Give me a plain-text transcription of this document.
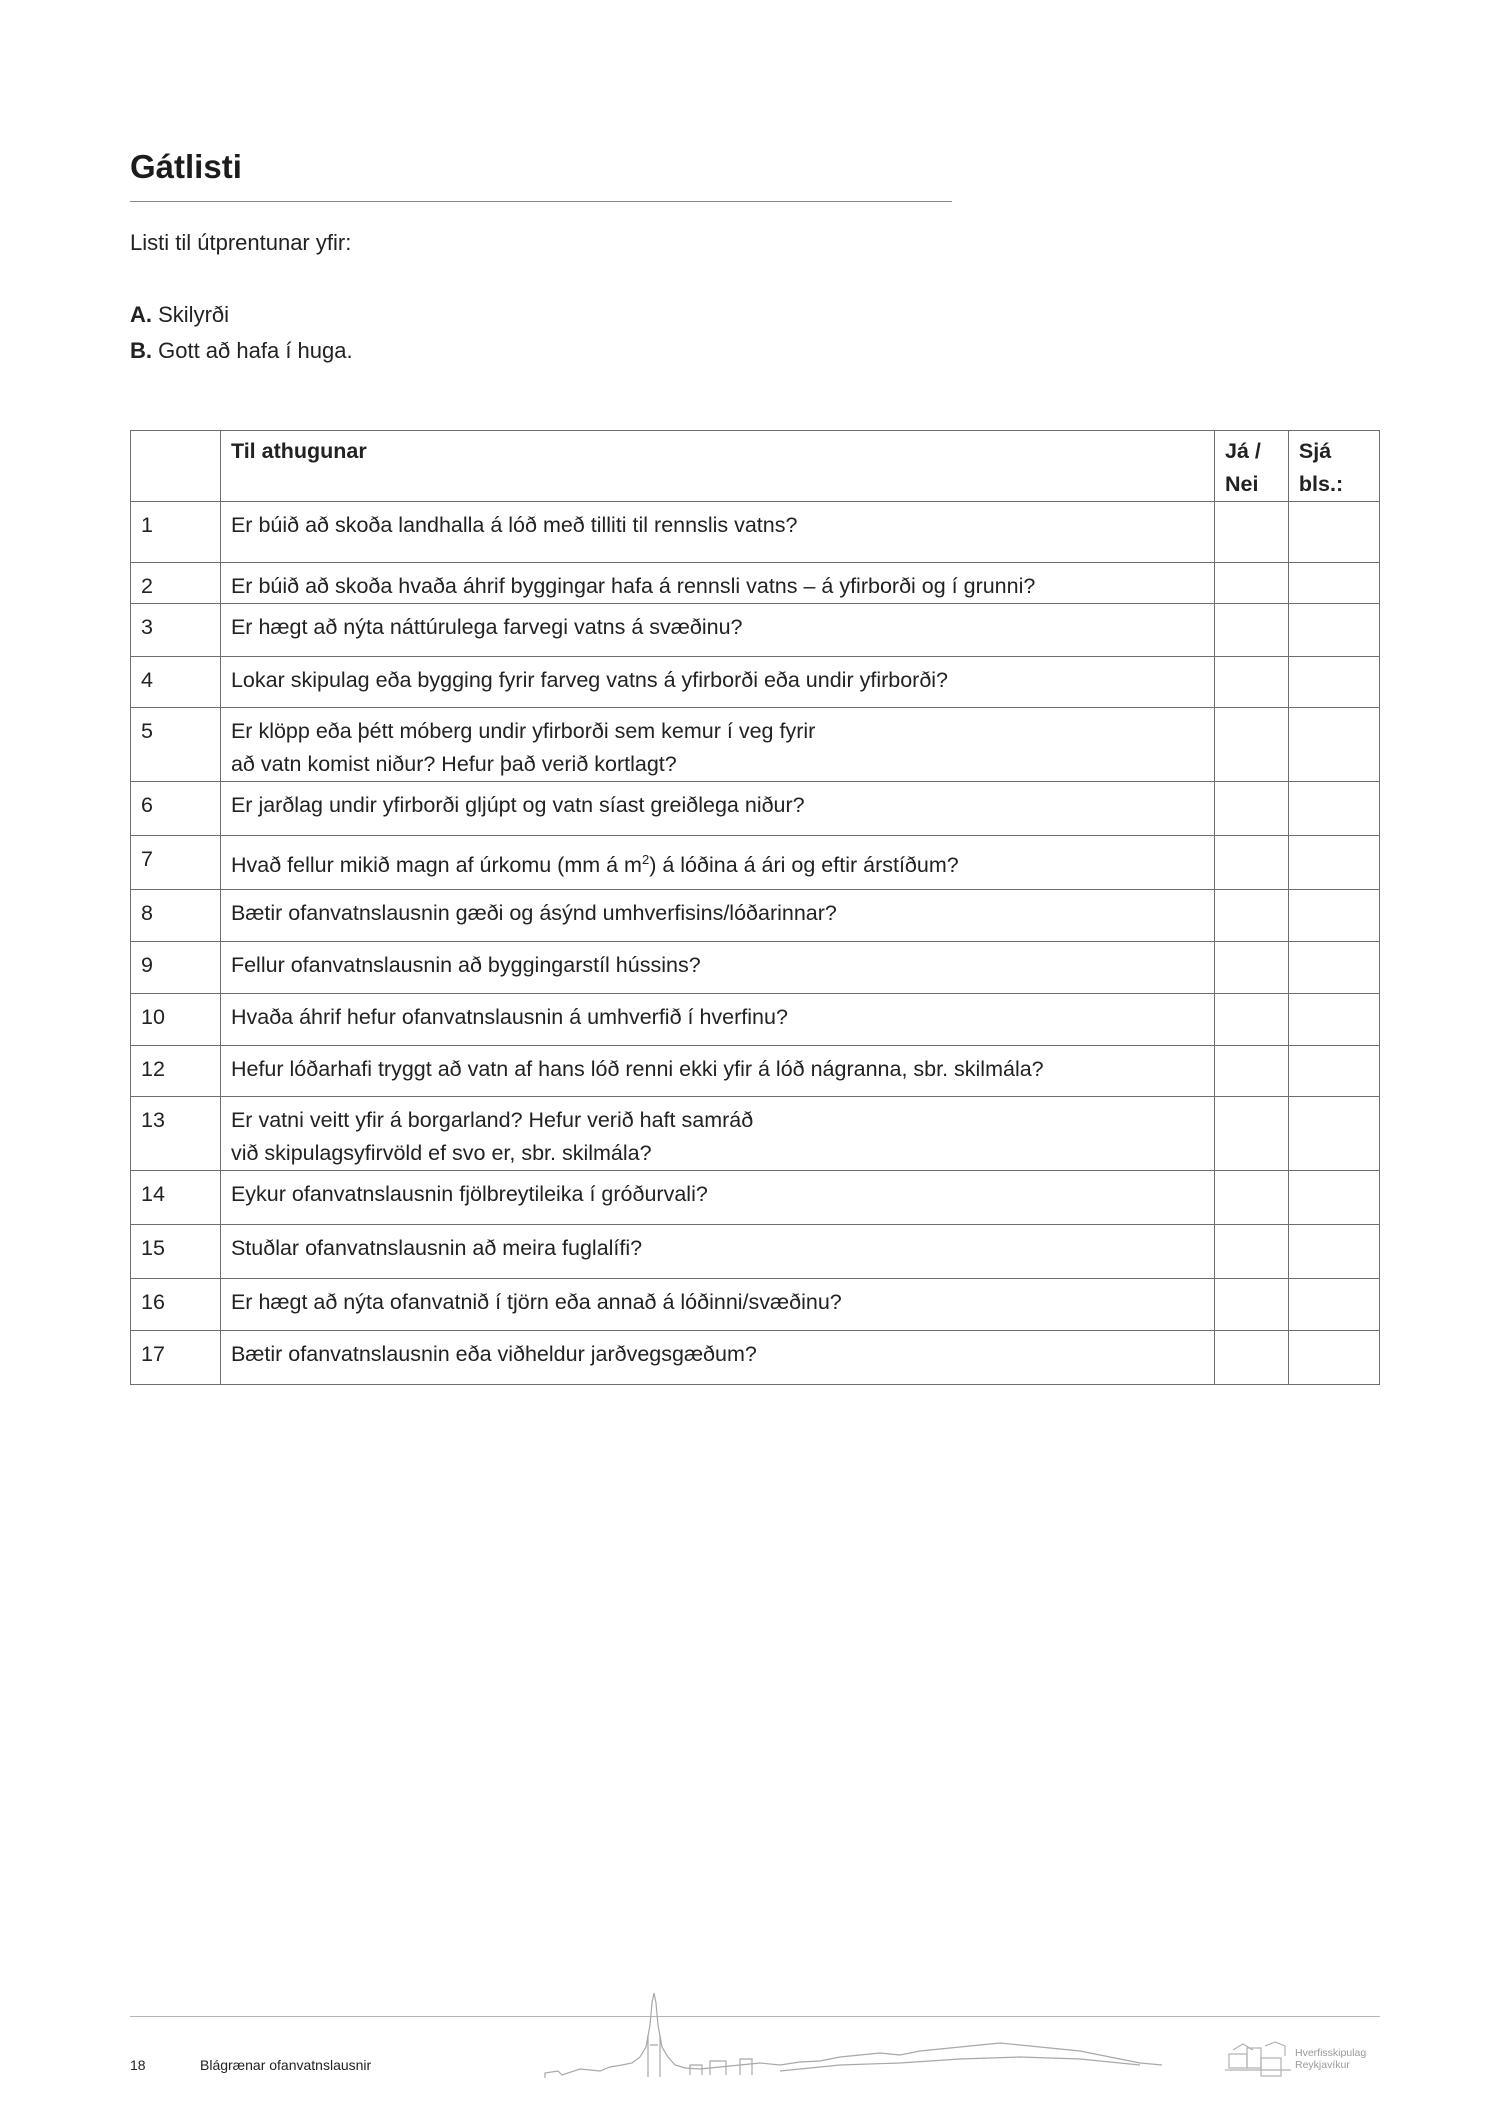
Gátlisti
Listi til útprentunar yfir:
A. Skilyrði
B. Gott að hafa í huga.
	Til athugunar	Já / Nei	Sjá bls.:
1	Er búið að skoða landhalla á lóð með tilliti til rennslis vatns?		
2	Er búið að skoða hvaða áhrif byggingar hafa á rennsli vatns – á yfirborði og í grunni?		
3	Er hægt að nýta náttúrulega farvegi vatns á svæðinu?		
4	Lokar skipulag eða bygging fyrir farveg vatns á yfirborði eða undir yfirborði?		
5	Er klöpp eða þétt móberg undir yfirborði sem kemur í veg fyrir
að vatn komist niður? Hefur það verið kortlagt?		
6	Er jarðlag undir yfirborði gljúpt og vatn síast greiðlega niður?		
7	Hvað fellur mikið magn af úrkomu (mm á $m^2$) á lóðina á ári og eftir árstíðum?		
8	Bætir ofanvatnslausnin gæði og ásýnd umhverfisins/lóðarinnar?		
9	Fellur ofanvatnslausnin að byggingarstíl hússins?		
10	Hvaða áhrif hefur ofanvatnslausnin á umhverfið í hverfinu?		
12	Hefur lóðarhafi tryggt að vatn af hans lóð renni ekki yfir á lóð nágranna, sbr. skilmála?		
13	Er vatni veitt yfir á borgarland? Hefur verið haft samráð
við skipulagsyfirvöld ef svo er, sbr. skilmála?		
14	Eykur ofanvatnslausnin fjölbreytileika í gróðurvali?		
15	Stuðlar ofanvatnslausnin að meira fuglalífi?		
16	Er hægt að nýta ofanvatnið í tjörn eða annað á lóðinni/svæðinu?		
17	Bætir ofanvatnslausnin eða viðheldur jarðvegsgæðum?		
18	Blágrænar ofanvatnslausnir
Hverfisskipulag
Reykjavíkur
